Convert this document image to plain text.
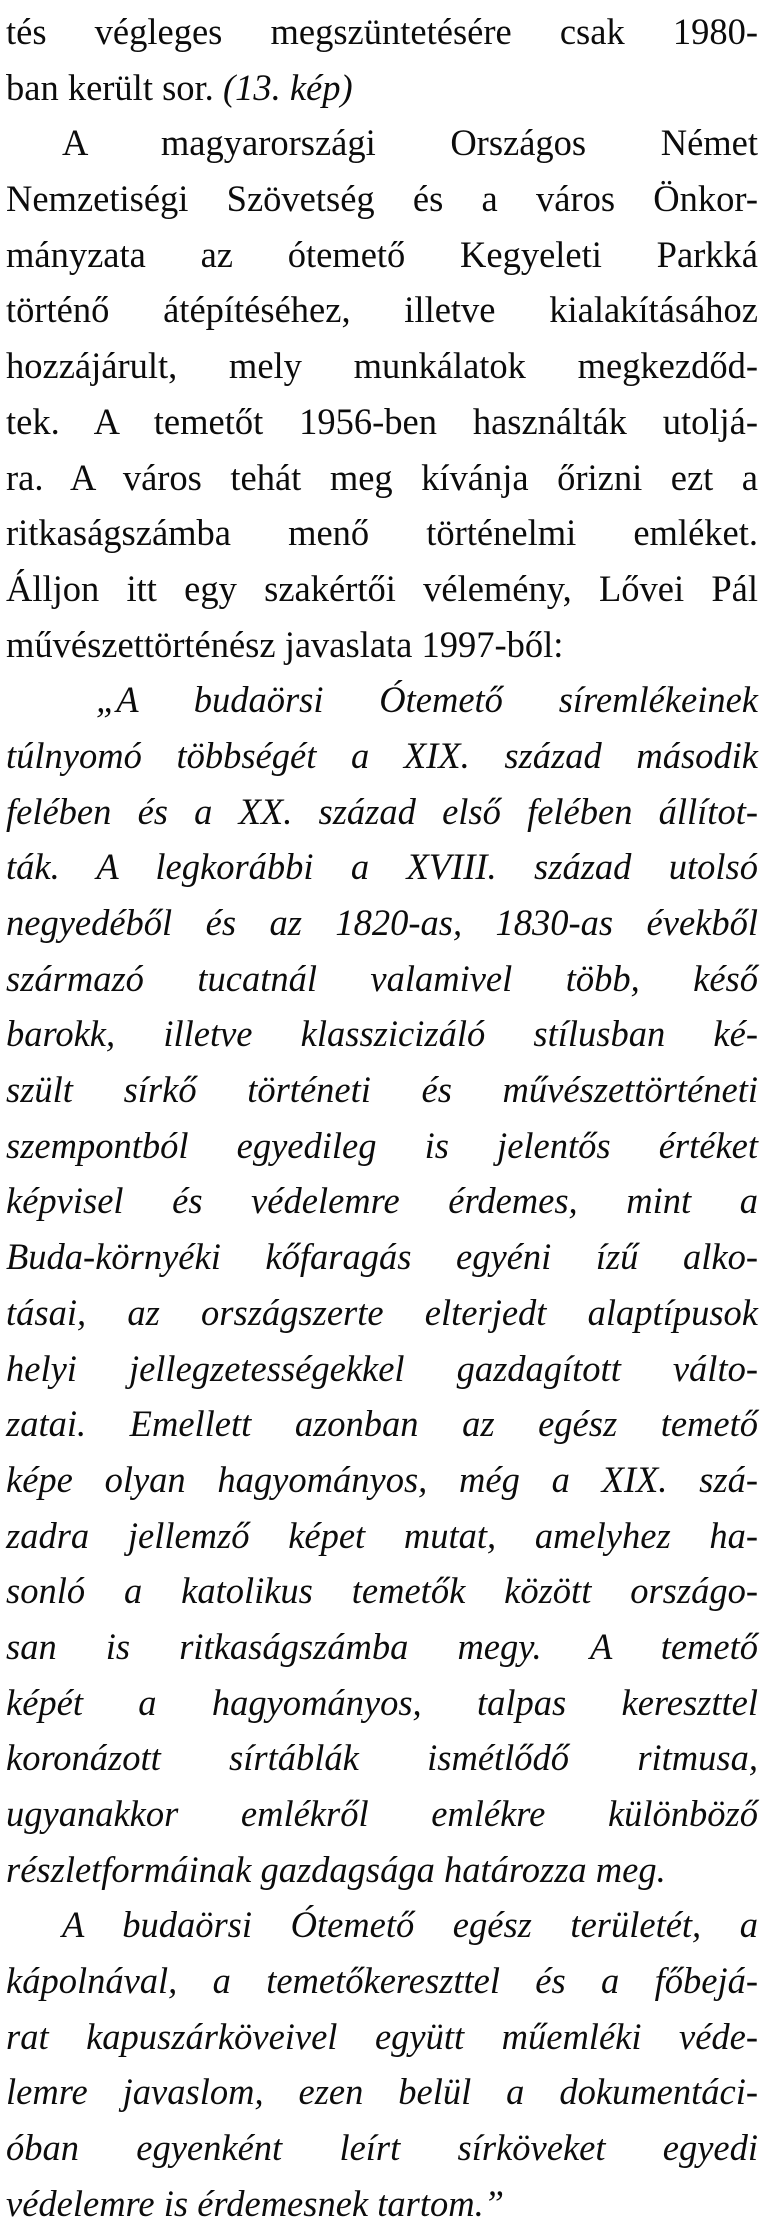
tés végleges megszüntetésére csak 1980-
ban került sor. (13. kép)
A magyarországi Országos Német
Nemzetiségi Szövetség és a város Önkor-
mányzata az ótemető Kegyeleti Parkká
történő átépítéséhez, illetve kialakításához
hozzájárult, mely munkálatok megkezdőd-
tek. A temetőt 1956-ben használták utoljá-
ra. A város tehát meg kívánja őrizni ezt a
ritkaságszámba menő történelmi emléket.
Álljon itt egy szakértői vélemény, Lővei Pál
művészettörténész javaslata 1997-ből:
„A budaörsi Ótemető síremlékeinek
túlnyomó többségét a XIX. század második
felében és a XX. század első felében állítot-
ták. A legkorábbi a XVIII. század utolsó
negyedéből és az 1820-as, 1830-as évekből
származó tucatnál valamivel több, késő
barokk, illetve klasszicizáló stílusban ké-
szült sírkő történeti és művészettörténeti
szempontból egyedileg is jelentős értéket
képvisel és védelemre érdemes, mint a
Buda-környéki kőfaragás egyéni ízű alko-
tásai, az országszerte elterjedt alaptípusok
helyi jellegzetességekkel gazdagított válto-
zatai. Emellett azonban az egész temető
képe olyan hagyományos, még a XIX. szá-
zadra jellemző képet mutat, amelyhez ha-
sonló a katolikus temetők között országo-
san is ritkaságszámba megy. A temető
képét a hagyományos, talpas kereszttel
koronázott sírtáblák ismétlődő ritmusa,
ugyanakkor emlékről emlékre különböző
részletformáinak gazdagsága határozza meg.
A budaörsi Ótemető egész területét, a
kápolnával, a temetőkereszttel és a főbejá-
rat kapuszárköveivel együtt műemléki véde-
lemre javaslom, ezen belül a dokumentáci-
óban egyenként leírt sírköveket egyedi
védelemre is érdemesnek tartom.”
